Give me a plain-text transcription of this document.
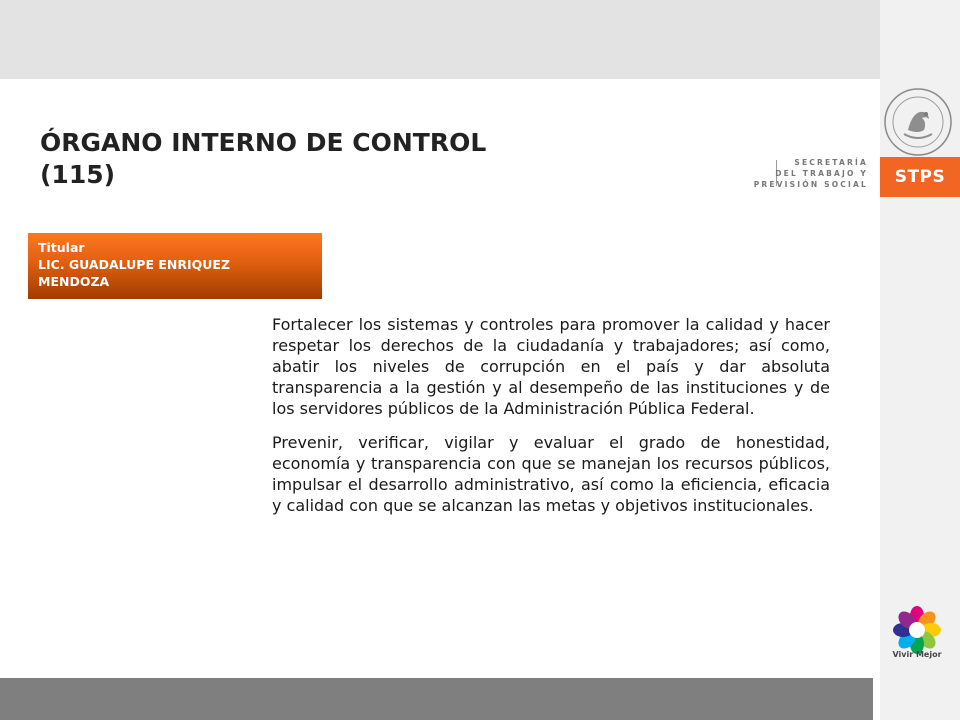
SECRETARÍA
DEL TRABAJO Y
PREVISIÓN SOCIAL	STPS
ÓRGANO INTERNO DE CONTROL
(115)
Titular
LIC. GUADALUPE ENRIQUEZ
MENDOZA

Fortalecer los sistemas y controles para promover la calidad y hacer respetar los derechos de la ciudadanía y trabajadores; así como, abatir los niveles de corrupción en el país y dar absoluta transparencia a la gestión y al desempeño de las instituciones y de los servidores públicos de la Administración Pública Federal.

Prevenir, verificar, vigilar y evaluar el grado de honestidad, economía y transparencia con que se manejan los recursos públicos, impulsar el desarrollo administrativo, así como la eficiencia, eficacia y calidad con que se alcanzan las metas y objetivos institucionales.

Vivir Mejor
